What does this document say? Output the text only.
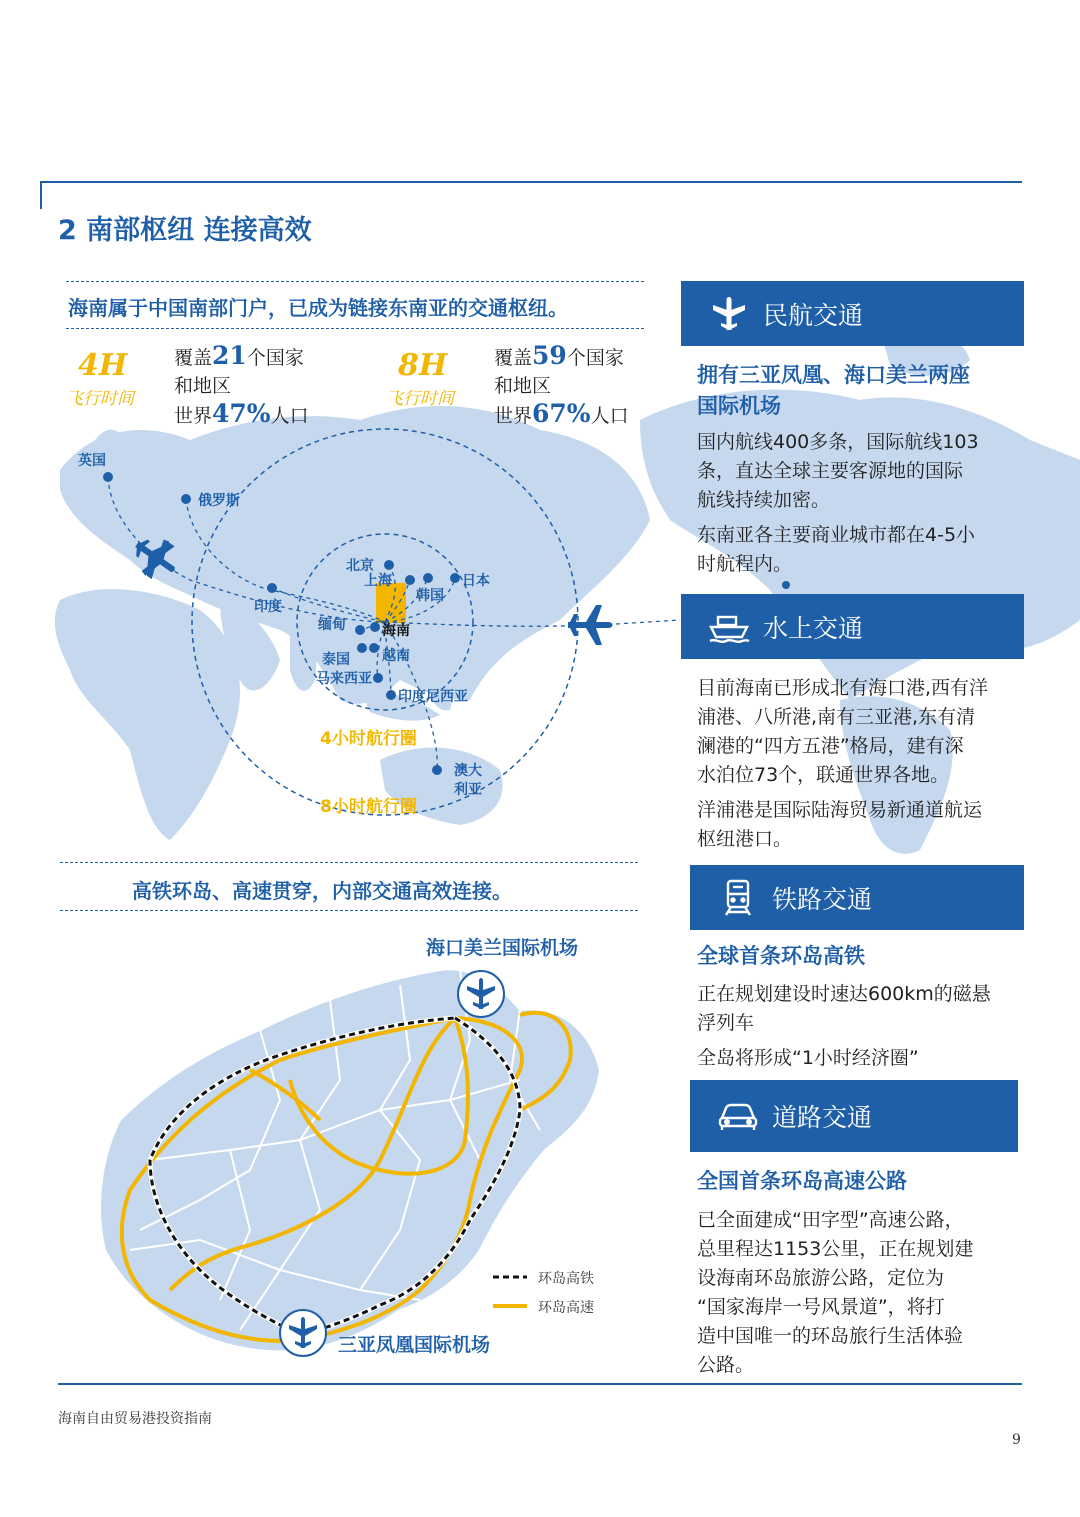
2 南部枢纽 连接高效
海南属于中国南部门户，已成为链接东南亚的交通枢纽。
4H
飞行时间
覆盖21个国家
和地区
世界47%人口
8H
飞行时间
覆盖59个国家
和地区
世界67%人口
英国
俄罗斯
印度
北京
上海
韩国
日本
缅甸	海南
泰国 越南
马来西亚
印度尼西亚
澳大
利亚
4小时航行圈
8小时航行圈
高铁环岛、高速贯穿，内部交通高效连接。
海口美兰国际机场
三亚凤凰国际机场
环岛高铁
环岛高速
民航交通
拥有三亚凤凰、海口美兰两座
国际机场

国内航线400多条，国际航线103
条，直达全球主要客源地的国际
航线持续加密。

东南亚各主要商业城市都在4-5小
时航程内。

水上交通

目前海南已形成北有海口港,西有洋
浦港、八所港,南有三亚港,东有清
澜港的“四方五港”格局，建有深
水泊位73个，联通世界各地。

洋浦港是国际陆海贸易新通道航运
枢纽港口。

铁路交通
全球首条环岛高铁

正在规划建设时速达600km的磁悬
浮列车

全岛将形成“1小时经济圈”

道路交通
全国首条环岛高速公路

已全面建成“田字型”高速公路，
总里程达1153公里，正在规划建
设海南环岛旅游公路，定位为
“国家海岸一号风景道”，将打
造中国唯一的环岛旅行生活体验
公路。

海南自由贸易港投资指南
9
